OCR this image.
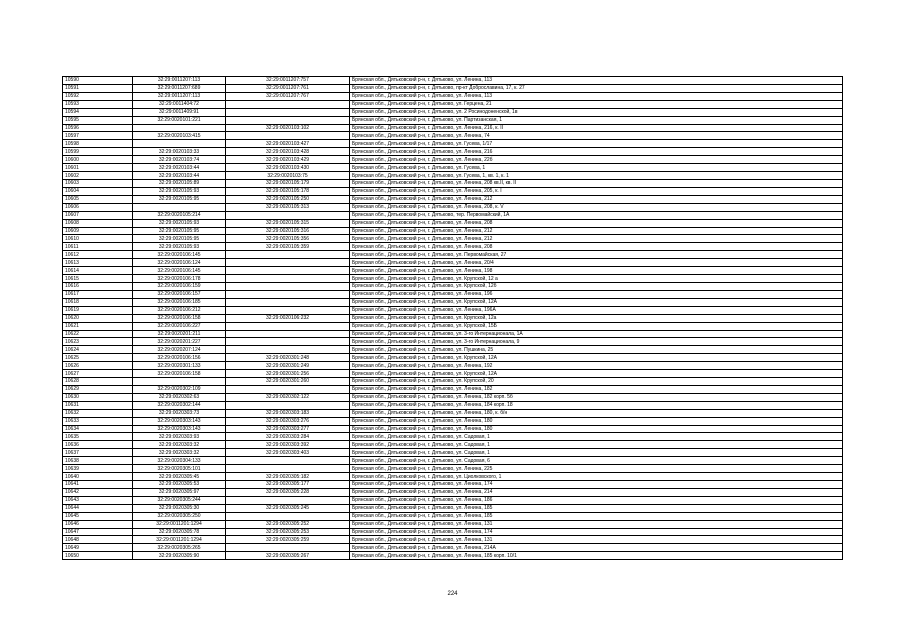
10590	32:29:0011207:113	32:29:0011207:757	Брянская обл., Дятьковский р-н, г. Дятьково, ул. Ленина, 113
10591	32:29:0011207:689	32:29:0011207:761	Брянская обл., Дятьковский р-н, г. Дятьково, пр-кт Доброславина, 17, к. 27
10592	32:29:0011207:113	32:29:0011207:767	Брянская обл., Дятьковский р-н, г. Дятьково, ул. Ленина, 113
10593	32:29:0011404:72		Брянская обл., Дятьковский р-н, г. Дятьково, ул. Герцена, 21
10594	32:29:0011409:91		Брянская обл., Дятьковский р-н, г. Дятьково, ул. 2 Росинодоненской, 1в
10595	32:29:0020101:221		Брянская обл., Дятьковский р-н, г. Дятьково, ул. Партизанская, 1
10596		32:29:0020103:102	Брянская обл., Дятьковский р-н, г. Дятьково, ул. Ленина, 216, к. II
10597	32:29:0020103:415		Брянская обл., Дятьковский р-н, г. Дятьково, ул. Ленина, 74
10598		32:29:0020103:427	Брянская обл., Дятьковский р-н, г. Дятьково, ул. Гусева, 1/17
10599	32:29:0020103:33	32:29:0020103:428	Брянская обл., Дятьковский р-н, г. Дятьково, ул. Ленина, 216
10600	32:29:0020103:74	32:29:0020103:429	Брянская обл., Дятьковский р-н, г. Дятьково, ул. Ленина, 22б
10601	32:29:0020103:44	32:29:0020103:430	Брянская обл., Дятьковский р-н, г. Дятьково, ул. Гусева, 1
10602	32:29:0020103:44	32:29:0020103:75	Брянская обл., Дятьковский р-н, г. Дятьково, ул. Гусева, 1, кв. 1, к. 1
10603	32:29:0020105:89	32:29:0020105:179	Брянская обл., Дятьковский р-н, г. Дятьково, ул. Ленина, 208 кв.II, кв. II
10604	32:29:0020105:93	32:29:0020105:178	Брянская обл., Дятьковский р-н, г. Дятьково, ул. Ленина, 205, к. I
10605	32:29:0020105:95	32:29:0020105:250	Брянская обл., Дятьковский р-н, г. Дятьково, ул. Ленина, 212
10606		32:29:0020105:313	Брянская обл., Дятьковский р-н, г. Дятьково, ул. Ленина, 208, к. V
10607	32:29:0020105:214		Брянская обл., Дятьковский р-н, г. Дятьково, тер. Первомайский, 1А
10608	32:29:0020105:93	32:29:0020105:315	Брянская обл., Дятьковский р-н, г. Дятьково, ул. Ленина, 208
10609	32:29:0020105:95	32:29:0020105:316	Брянская обл., Дятьковский р-н, г. Дятьково, ул. Ленина, 212
10610	32:29:0020105:95	32:29:0020105:356	Брянская обл., Дятьковский р-н, г. Дятьково, ул. Ленина, 212
10611	32:29:0020105:93	32:29:0020105:359	Брянская обл., Дятьковский р-н, г. Дятьково, ул. Ленина, 208
10612	32:29:0020106:145		Брянская обл., Дятьковский р-н, г. Дятьково, ул. Первомайская, 27
10613	32:29:0020106:124		Брянская обл., Дятьковский р-н, г. Дятьково, ул. Ленина, 20/4
10614	32:29:0020106:145		Брянская обл., Дятьковский р-н, г. Дятьково, ул. Ленина, 198
10615	32:29:0020106:178		Брянская обл., Дятьковский р-н, г. Дятьково, ул. Крупской, 12 а
10616	32:29:0020106:159		Брянская обл., Дятьковский р-н, г. Дятьково, ул. Крупской, 12б
10617	32:29:0020106:157		Брянская обл., Дятьковский р-н, г. Дятьково, ул. Ленина, 196
10618	32:29:0020106:185		Брянская обл., Дятьковский р-н, г. Дятьково, ул. Крупской, 12А
10619	32:29:0020106:212		Брянская обл., Дятьковский р-н, г. Дятьково, ул. Ленина, 196А
10620	32:29:0020106:158	32:29:0020106:232	Брянская обл., Дятьковский р-н, г. Дятьково, ул. Крупской, 12а
10621	32:29:0020106:227		Брянская обл., Дятьковский р-н, г. Дятьково, ул. Крупской, 15Б
10622	32:29:0020201:211		Брянская обл., Дятьковский р-н, г. Дятьково, ул. 3-го Интернационала, 1А
10623	32:29:0020201:227		Брянская обл., Дятьковский р-н, г. Дятьково, ул. 3-го Интернационала, 9
10624	32:29:0020207:124		Брянская обл., Дятьковский р-н, г. Дятьково, ул. Пушкина, 25
10625	32:29:0020106:156	32:29:0020301:248	Брянская обл., Дятьковский р-н, г. Дятьково, ул. Крупской, 12А
10626	32:29:0020301:133	32:29:0020301:249	Брянская обл., Дятьковский р-н, г. Дятьково, ул. Ленина, 192
10627	32:29:0020106:158	32:29:0020301:256	Брянская обл., Дятьковский р-н, г. Дятьково, ул. Крупской, 12А
10628		32:29:0020301:260	Брянская обл., Дятьковский р-н, г. Дятьково, ул. Крупской, 20
10629	32:29:0020302:109		Брянская обл., Дятьковский р-н, г. Дятьково, ул. Ленина, 182
10630	32:29:0020302:63	32:29:0020302:122	Брянская обл., Дятьковский р-н, г. Дятьково, ул. Ленина, 182 корп. 5б
10631	32:29:0020302:144		Брянская обл., Дятьковский р-н, г. Дятьково, ул. Ленина, 184 корп. 18
10632	32:29:0020303:73	32:29:0020303:183	Брянская обл., Дятьковский р-н, г. Дятьково, ул. Ленина, 180, к. б/н
10633	32:29:0020303:143	32:29:0020303:276	Брянская обл., Дятьковский р-н, г. Дятьково, ул. Ленина, 180
10634	32:29:0020303:143	32:29:0020303:277	Брянская обл., Дятьковский р-н, г. Дятьково, ул. Ленина, 180
10635	32:29:0020303:93	32:29:0020303:284	Брянская обл., Дятьковский р-н, г. Дятьково, ул. Садовая, 1
10636	32:29:0020303:32	32:29:0020303:392	Брянская обл., Дятьковский р-н, г. Дятьково, ул. Садовая, 1
10637	32:29:0020303:32	32:29:0020303:403	Брянская обл., Дятьковский р-н, г. Дятьково, ул. Садовая, 1
10638	32:29:0020304:133		Брянская обл., Дятьковский р-н, г. Дятьково, ул. Садовая, 6
10639	32:29:0020305:101		Брянская обл., Дятьковский р-н, г. Дятьково, ул. Ленина, 225
10640	32:29:0020305:45	32:29:0020305:182	Брянская обл., Дятьковский р-н, г. Дятьково, ул. Циолковского, 1
10641	32:29:0020305:53	32:29:0020305:177	Брянская обл., Дятьковский р-н, г. Дятьково, ул. Ленина, 174
10642	32:29:0020305:97	32:29:0020305:228	Брянская обл., Дятьковский р-н, г. Дятьково, ул. Ленина, 214
10643	32:29:0020305:244		Брянская обл., Дятьковский р-н, г. Дятьково, ул. Ленина, 186
10644	32:29:0020305:30	32:29:0020305:245	Брянская обл., Дятьковский р-н, г. Дятьково, ул. Ленина, 185
10645	32:29:0020305:250		Брянская обл., Дятьковский р-н, г. Дятьково, ул. Ленина, 185
10646	32:29:0011201:1294	32:29:0020305:252	Брянская обл., Дятьковский р-н, г. Дятьково, ул. Ленина, 131
10647	32:29:0020305:78	32:29:0020305:253	Брянская обл., Дятьковский р-н, г. Дятьково, ул. Ленина, 174
10648	32:29:0011201:1294	32:29:0020305:259	Брянская обл., Дятьковский р-н, г. Дятьково, ул. Ленина, 131
10649	32:29:0020305:265		Брянская обл., Дятьковский р-н, г. Дятьково, ул. Ленина, 214А
10650	32:29:0020305:90	32:29:0020305:267	Брянская обл., Дятьковский р-н, г. Дятьково, ул. Ленина, 185 корп. 10/1
224
